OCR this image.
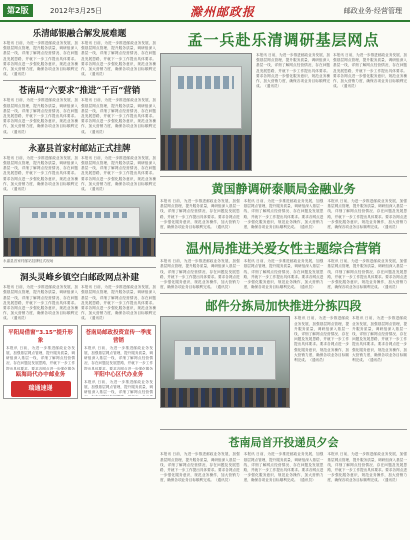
第2版	2012年3月25日	滁州邮政报	邮政业务·经营管理
乐清邮银融合解发展难题
本报讯 日前，为进一步推进邮政业务发展，加强基层网点管理，提升服务质量，调研组深入基层一线，详细了解网点经营情况、存在问题及发展思路，并就下一步工作提出具体要求。要求各网点进一步强化服务意识，规范业务操作，加大营销力度，确保各项业务目标顺利完成。（通讯员）
本报讯 日前，为进一步推进邮政业务发展，加强基层网点管理，提升服务质量，调研组深入基层一线，详细了解网点经营情况、存在问题及发展思路，并就下一步工作提出具体要求。要求各网点进一步强化服务意识，规范业务操作，加大营销力度，确保各项业务目标顺利完成。（通讯员）
苍南局“六要求”推进“千百”营销
本报讯 日前，为进一步推进邮政业务发展，加强基层网点管理，提升服务质量，调研组深入基层一线，详细了解网点经营情况、存在问题及发展思路，并就下一步工作提出具体要求。要求各网点进一步强化服务意识，规范业务操作，加大营销力度，确保各项业务目标顺利完成。（通讯员）
本报讯 日前，为进一步推进邮政业务发展，加强基层网点管理，提升服务质量，调研组深入基层一线，详细了解网点经营情况、存在问题及发展思路，并就下一步工作提出具体要求。要求各网点进一步强化服务意识，规范业务操作，加大营销力度，确保各项业务目标顺利完成。（通讯员）
永嘉县首家村邮站正式挂牌
本报讯 日前，为进一步推进邮政业务发展，加强基层网点管理，提升服务质量，调研组深入基层一线，详细了解网点经营情况、存在问题及发展思路，并就下一步工作提出具体要求。要求各网点进一步强化服务意识，规范业务操作，加大营销力度，确保各项业务目标顺利完成。（通讯员）
本报讯 日前，为进一步推进邮政业务发展，加强基层网点管理，提升服务质量，调研组深入基层一线，详细了解网点经营情况、存在问题及发展思路，并就下一步工作提出具体要求。要求各网点进一步强化服务意识，规范业务操作，加大营销力度，确保各项业务目标顺利完成。（通讯员）
永嘉县首家村邮站挂牌仪式现场
洞头灵峰乡镇空白邮政网点补建
本报讯 日前，为进一步推进邮政业务发展，加强基层网点管理，提升服务质量，调研组深入基层一线，详细了解网点经营情况、存在问题及发展思路，并就下一步工作提出具体要求。要求各网点进一步强化服务意识，规范业务操作，加大营销力度，确保各项业务目标顺利完成。（通讯员）
本报讯 日前，为进一步推进邮政业务发展，加强基层网点管理，提升服务质量，调研组深入基层一线，详细了解网点经营情况、存在问题及发展思路，并就下一步工作提出具体要求。要求各网点进一步强化服务意识，规范业务操作，加大营销力度，确保各项业务目标顺利完成。（通讯员）
平阳局借窗“3.15”提升形象
本报讯 日前，为进一步推进邮政业务发展，加强基层网点管理，提升服务质量，调研组深入基层一线，详细了解网点经营情况、存在问题及发展思路，并就下一步工作提出具体要求。要求各网点进一步强化服务
瓯海局代办中邮业务
瑞通速递
苍南局邮政投资宣传一季度营销
本报讯 日前，为进一步推进邮政业务发展，加强基层网点管理，提升服务质量，调研组深入基层一线，详细了解网点经营情况、存在问题及发展思路，并就下一步工作提出具体要求。要求各网点进一步强化服务
平阳中心区代办业务
本报讯 日前，为进一步推进邮政业务发展，加强基层网点管理，提升服务质量，调研组深入基层一线，详细了解网点经营情
孟一兵赴乐清调研基层网点
本报讯 日前，为进一步推进邮政业务发展，加强基层网点管理，提升服务质量，调研组深入基层一线，详细了解网点经营情况、存在问题及发展思路，并就下一步工作提出具体要求。要求各网点进一步强化服务意识，规范业务操作，加大营销力度，确保各项业务目标顺利完成。（通讯员）
本报讯 日前，为进一步推进邮政业务发展，加强基层网点管理，提升服务质量，调研组深入基层一线，详细了解网点经营情况、存在问题及发展思路，并就下一步工作提出具体要求。要求各网点进一步强化服务意识，规范业务操作，加大营销力度，确保各项业务目标顺利完成。（通讯员）
黄国静调研泰顺局金融业务
本报讯 日前，为进一步推进邮政业务发展，加强基层网点管理，提升服务质量，调研组深入基层一线，详细了解网点经营情况、存在问题及发展思路，并就下一步工作提出具体要求。要求各网点进一步强化服务意识，规范业务操作，加大营销力度，确保各项业务目标顺利完成。（通讯员）
本报讯 日前，为进一步推进邮政业务发展，加强基层网点管理，提升服务质量，调研组深入基层一线，详细了解网点经营情况、存在问题及发展思路，并就下一步工作提出具体要求。要求各网点进一步强化服务意识，规范业务操作，加大营销力度，确保各项业务目标顺利完成。（通讯员）
本报讯 日前，为进一步推进邮政业务发展，加强基层网点管理，提升服务质量，调研组深入基层一线，详细了解网点经营情况、存在问题及发展思路，并就下一步工作提出具体要求。要求各网点进一步强化服务意识，规范业务操作，加大营销力度，确保各项业务目标顺利完成。（通讯员）
温州局推进关爱女性主题综合营销
本报讯 日前，为进一步推进邮政业务发展，加强基层网点管理，提升服务质量，调研组深入基层一线，详细了解网点经营情况、存在问题及发展思路，并就下一步工作提出具体要求。要求各网点进一步强化服务意识，规范业务操作，加大营销力度，确保各项业务目标顺利完成。（通讯员）
本报讯 日前，为进一步推进邮政业务发展，加强基层网点管理，提升服务质量，调研组深入基层一线，详细了解网点经营情况、存在问题及发展思路，并就下一步工作提出具体要求。要求各网点进一步强化服务意识，规范业务操作，加大营销力度，确保各项业务目标顺利完成。（通讯员）
本报讯 日前，为进一步推进邮政业务发展，加强基层网点管理，提升服务质量，调研组深入基层一线，详细了解网点经营情况、存在问题及发展思路，并就下一步工作提出具体要求。要求各网点进一步强化服务意识，规范业务操作，加大营销力度，确保各项业务目标顺利完成。（通讯员）
邮件分拣局加快推进分拣四段
本报讯 日前，为进一步推进邮政业务发展，加强基层网点管理，提升服务质量，调研组深入基层一线，详细了解网点经营情况、存在问题及发展思路，并就下一步工作提出具体要求。要求各网点进一步强化服务意识，规范业务操作，加大营销力度，确保各项业务目标顺利完成。（通讯员）
本报讯 日前，为进一步推进邮政业务发展，加强基层网点管理，提升服务质量，调研组深入基层一线，详细了解网点经营情况、存在问题及发展思路，并就下一步工作提出具体要求。要求各网点进一步强化服务意识，规范业务操作，加大营销力度，确保各项业务目标顺利完成。（通讯员）
苍南局首开投递员夕会
本报讯 日前，为进一步推进邮政业务发展，加强基层网点管理，提升服务质量，调研组深入基层一线，详细了解网点经营情况、存在问题及发展思路，并就下一步工作提出具体要求。要求各网点进一步强化服务意识，规范业务操作，加大营销力度，确保各项业务目标顺利完成。（通讯员）
本报讯 日前，为进一步推进邮政业务发展，加强基层网点管理，提升服务质量，调研组深入基层一线，详细了解网点经营情况、存在问题及发展思路，并就下一步工作提出具体要求。要求各网点进一步强化服务意识，规范业务操作，加大营销力度，确保各项业务目标顺利完成。（通讯员）
本报讯 日前，为进一步推进邮政业务发展，加强基层网点管理，提升服务质量，调研组深入基层一线，详细了解网点经营情况、存在问题及发展思路，并就下一步工作提出具体要求。要求各网点进一步强化服务意识，规范业务操作，加大营销力度，确保各项业务目标顺利完成。（通讯员）
